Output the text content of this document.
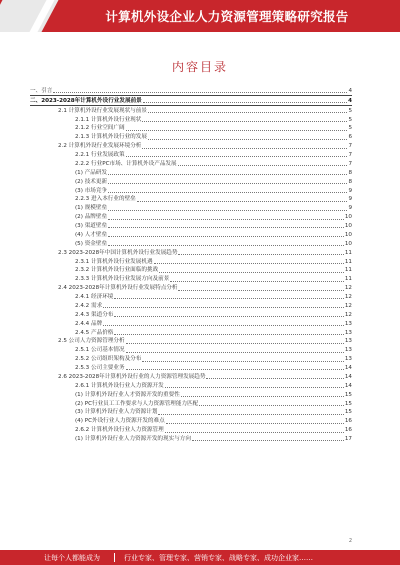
计算机外设企业人力资源管理策略研究报告
内容目录
一、引言	4
二、2023-2028年计算机外设行业发展前景	4
2.1 计算机外设行业发展现状与前景	5
2.1.1 计算机外设行业现状	5
2.1.2 行业空间广阔	5
2.1.3 计算机外设行业的发展	6
2.2 计算机外设行业发展环境分析	7
2.2.1 行业发展政策	7
2.2.2 行业PC市场、计算机外设产品发展	7
(1) 产品研发	8
(2) 技术更新	8
(3) 市场竞争	9
2.2.3 进入本行业的壁垒	9
(1) 规模壁垒	9
(2) 品牌壁垒	10
(3) 渠道壁垒	10
(4) 人才壁垒	10
(5) 资金壁垒	10
2.3 2023-2028年中国计算机外设行业发展趋势	11
2.3.1 计算机外设行业发展机遇	11
2.3.2 计算机外设行业面临的挑战	11
2.3.3 计算机外设行业发展方向及前景	11
2.4 2023-2028年计算机外设行业发展特点分析	12
2.4.1 经济环境	12
2.4.2 需求	12
2.4.3 渠道分布	12
2.4.4 品牌	13
2.4.5 产品价格	13
2.5 公司人力资源管理分析	13
2.5.1 公司基本情况	13
2.5.2 公司组织架构及分布	13
2.5.3 公司主要业务	14
2.6 2023-2028年计算机外设行业的人力资源管理发展趋势	14
2.6.1 计算机外设行业人力资源开发	14
(1) 计算机外设行业人才资源开发的重要性	15
(2) PC行业员工工作要求与人力资源管理能力匹配	15
(3) 计算机外设行业人力资源计划	15
(4) PC外设行业人力资源开发的难点	16
2.6.2 计算机外设行业人力资源管理	16
(1) 计算机外设行业人力资源开发的现实与方向	17
2
让每个人都能成为	行业专家、管理专家、营销专家、战略专家、成功企业家……
